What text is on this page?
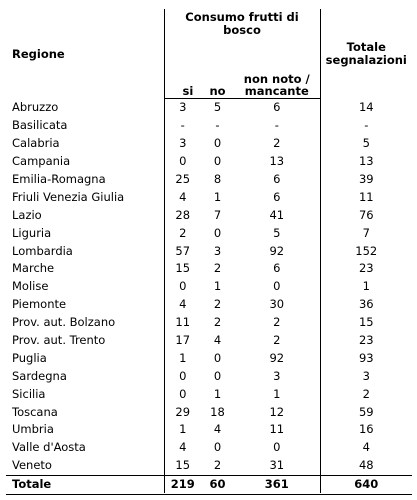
Regione	Consumo frutti di bosco			Totale segnalazioni
	si	no	non noto / mancante	
Abruzzo	3	5	6	14
Basilicata	-	-	-	-
Calabria	3	0	2	5
Campania	0	0	13	13
Emilia-Romagna	25	8	6	39
Friuli Venezia Giulia	4	1	6	11
Lazio	28	7	41	76
Liguria	2	0	5	7
Lombardia	57	3	92	152
Marche	15	2	6	23
Molise	0	1	0	1
Piemonte	4	2	30	36
Prov. aut. Bolzano	11	2	2	15
Prov. aut. Trento	17	4	2	23
Puglia	1	0	92	93
Sardegna	0	0	3	3
Sicilia	0	1	1	2
Toscana	29	18	12	59
Umbria	1	4	11	16
Valle d'Aosta	4	0	0	4
Veneto	15	2	31	48
Totale	219	60	361	640
